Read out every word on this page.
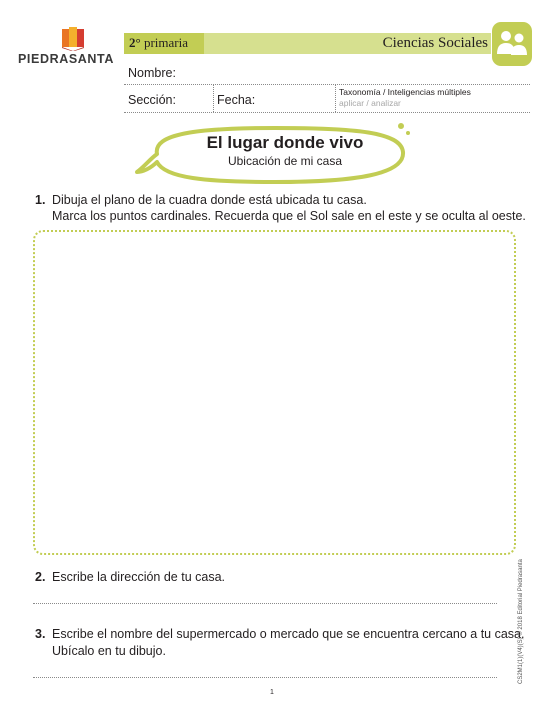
PIEDRASANTA
2° primaria	Ciencias Sociales
Nombre:
Sección:	Fecha:
Taxonomía / Inteligencias múltiples
aplicar / analizar
El lugar donde vivo
Ubicación de mi casa
1. Dibuja el plano de la cuadra donde está ubicada tu casa.
Marca los puntos cardinales. Recuerda que el Sol sale en el este y se oculta al oeste.
2. Escribe la dirección de tu casa.
3. Escribe el nombre del supermercado o mercado que se encuentra cercano a tu casa.
Ubícalo en tu dibujo.	CS2M1(1)(V4)(S) © 2018 Editorial Piedrasanta
1
